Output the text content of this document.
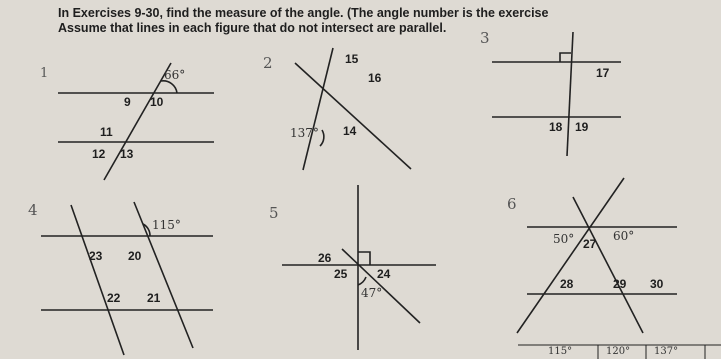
In Exercises 9-30, find the measure of the angle. (The angle number is the exercise
Assume that lines in each figure that do not intersect are parallel.
1
2
3
4	5	6
66°
9 10
11
12 13
15
16
137° 14
17
18 19
115°
23 20
22 21
26
25 24
47°
50° 27
60°
28	29 30
115°	120° 137°
